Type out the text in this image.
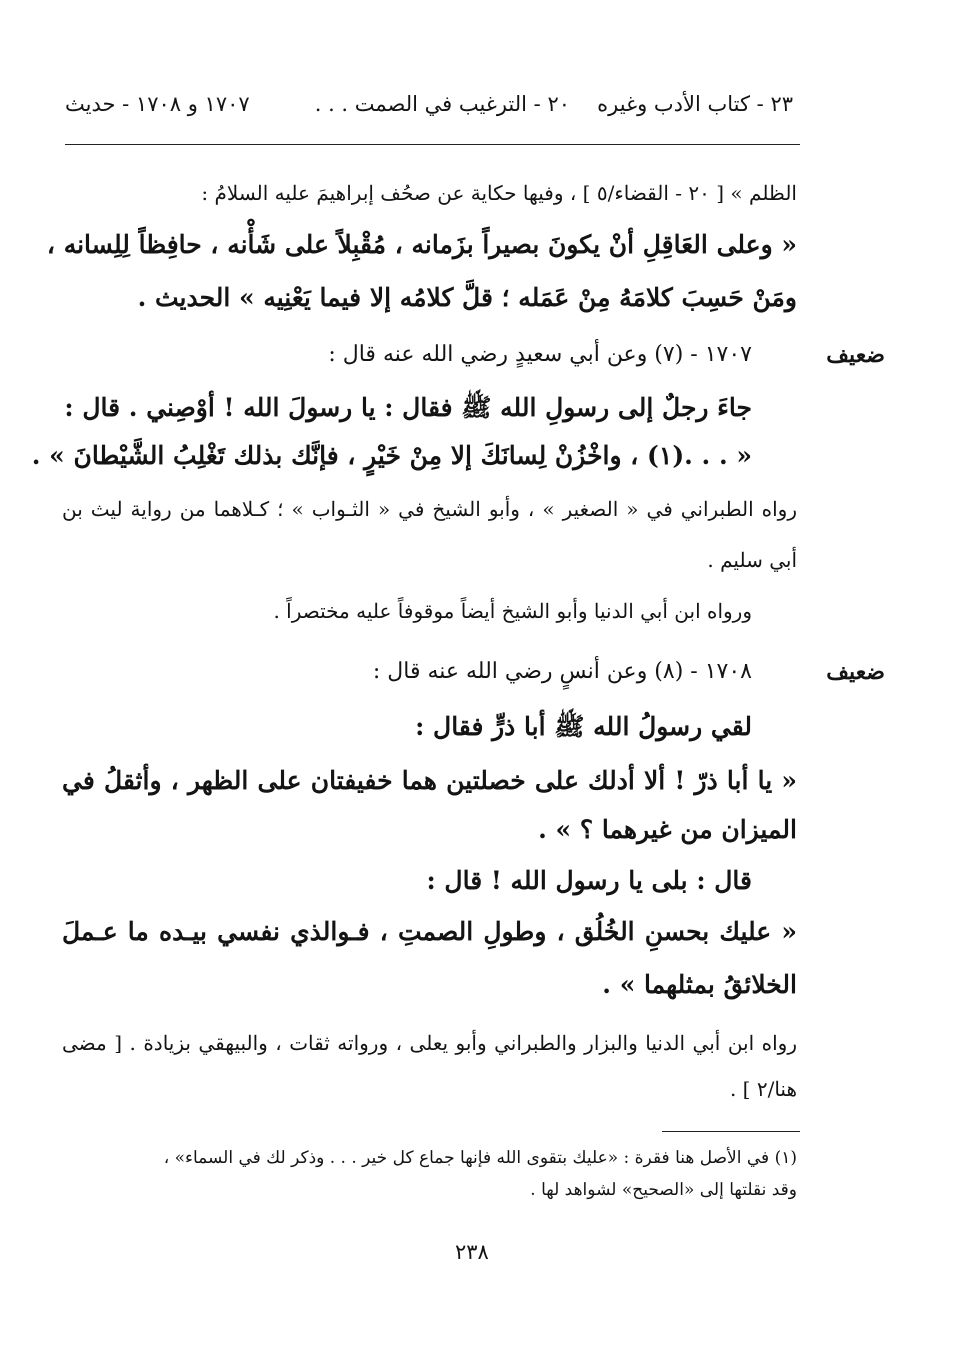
٢٣ - كتاب الأدب وغيره
٢٠ - الترغيب في الصمت . . .
١٧٠٧ و ١٧٠٨ - حديث
الظلم » [ ٢٠ - القضاء/٥ ] ، وفيها حكاية عن صحُف إبراهيمَ عليه السلامُ :
« وعلى العَاقِلِ أنْ يكونَ بصيراً بزَمانه ، مُقْبِلاً على شَأْنه ، حافِظاً لِلِسانه ،
ومَنْ حَسِبَ كلامَهُ مِنْ عَمَله ؛ قلَّ كلامُه إلا فيما يَعْنِيه » الحديث .
ضعيف
١٧٠٧ - (٧) وعن أبي سعيدٍ رضي الله عنه قال :
جاءَ رجلٌ إلى رسولِ الله ﷺ فقال : يا رسولَ الله ! أوْصِني . قال :
« . . .(١) ، واخْزُنْ لِسانَكَ إلا مِنْ خَيْرٍ ، فإنَّك بذلك تَغْلِبُ الشَّيْطانَ » .
رواه الطبراني في « الصغير » ، وأبو الشيخ في « الثـواب » ؛ كـلاهما من رواية ليث بن
أبي سليم .
ورواه ابن أبي الدنيا وأبو الشيخ أيضاً موقوفاً عليه مختصراً .
ضعيف
١٧٠٨ - (٨) وعن أنسٍ رضي الله عنه قال :
لقي رسولُ الله ﷺ أبا ذرٍّ فقال :
« يا أبا ذرّ ! ألا أدلك على خصلتين هما خفيفتان على الظهر ، وأثقلُ في
الميزان من غيرهما ؟ » .
قال : بلى يا رسول الله ! قال :
« عليك بحسنِ الخُلُق ، وطولِ الصمتِ ، فـوالذي نفسي بيـده ما عـملَ
الخلائقُ بمثلهما » .
رواه ابن أبي الدنيا والبزار والطبراني وأبو يعلى ، ورواته ثقات ، والبيهقي بزيادة . [ مضى
هنا/٢ ] .
(١) في الأصل هنا فقرة : «عليك بتقوى الله فإنها جماع كل خير . . . وذكر لك في السماء» ،
وقد نقلتها إلى «الصحيح» لشواهد لها .
٢٣٨
